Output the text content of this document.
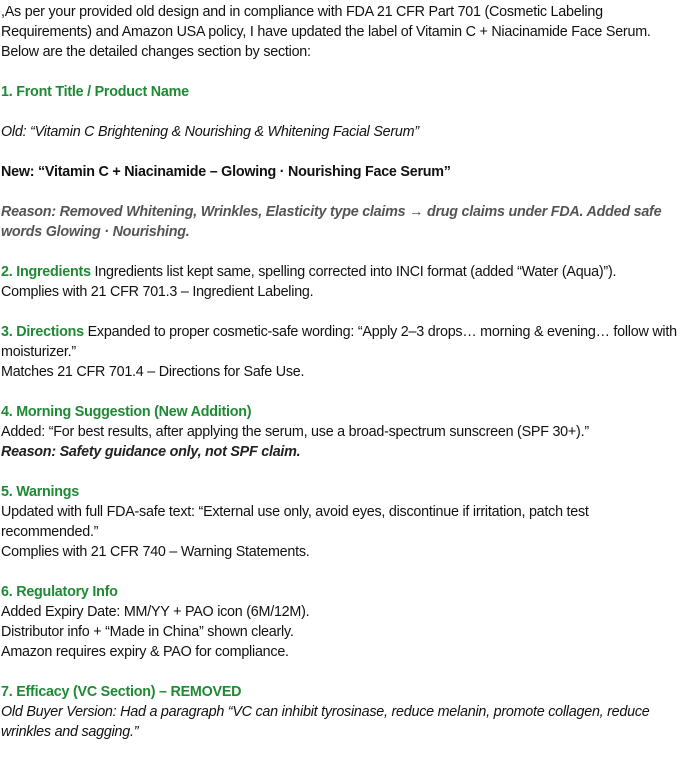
,As per your provided old design and in compliance with FDA 21 CFR Part 701 (Cosmetic Labeling
Requirements) and Amazon USA policy, I have updated the label of Vitamin C + Niacinamide Face Serum.
Below are the detailed changes section by section:

1. Front Title / Product Name

Old: “Vitamin C Brightening & Nourishing & Whitening Facial Serum”

New: “Vitamin C + Niacinamide – Glowing · Nourishing Face Serum”

Reason: Removed Whitening, Wrinkles, Elasticity type claims → drug claims under FDA. Added safe words Glowing · Nourishing.

2. Ingredients Ingredients list kept same, spelling corrected into INCI format (added “Water (Aqua)”).
Complies with 21 CFR 701.3 – Ingredient Labeling.

3. Directions Expanded to proper cosmetic-safe wording: “Apply 2–3 drops… morning & evening… follow with moisturizer.”
Matches 21 CFR 701.4 – Directions for Safe Use.

4. Morning Suggestion (New Addition)
Added: “For best results, after applying the serum, use a broad-spectrum sunscreen (SPF 30+).”
Reason: Safety guidance only, not SPF claim.

5. Warnings
Updated with full FDA-safe text: “External use only, avoid eyes, discontinue if irritation, patch test recommended.”
Complies with 21 CFR 740 – Warning Statements.

6. Regulatory Info
Added Expiry Date: MM/YY + PAO icon (6M/12M).
Distributor info + “Made in China” shown clearly.
Amazon requires expiry & PAO for compliance.

7. Efficacy (VC Section) – REMOVED
Old Buyer Version: Had a paragraph “VC can inhibit tyrosinase, reduce melanin, promote collagen, reduce wrinkles and sagging.”
